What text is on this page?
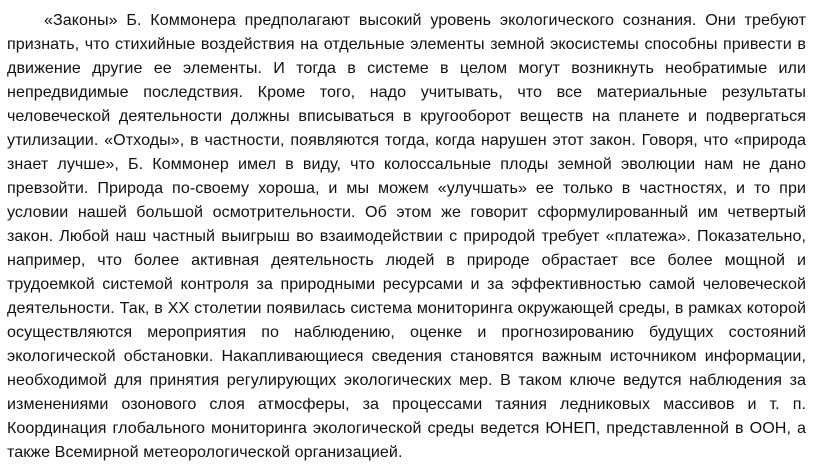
«Законы» Б. Коммонера предполагают высокий уровень экологического сознания. Они требуют признать, что стихийные воздействия на отдельные элементы земной экосистемы способны привести в движение другие ее элементы. И тогда в системе в целом могут возникнуть необратимые или непредвидимые последствия. Кроме того, надо учитывать, что все материальные результаты человеческой деятельности должны вписываться в кругооборот веществ на планете и подвергаться утилизации. «Отходы», в частности, появляются тогда, когда нарушен этот закон. Говоря, что «природа знает лучше», Б. Коммонер имел в виду, что колоссальные плоды земной эволюции нам не дано превзойти. Природа по-своему хороша, и мы можем «улучшать» ее только в частностях, и то при условии нашей большой осмотрительности. Об этом же говорит сформулированный им четвертый закон. Любой наш частный выигрыш во взаимодействии с природой требует «платежа». Показательно, например, что более активная деятельность людей в природе обрастает все более мощной и трудоемкой системой контроля за природными ресурсами и за эффективностью самой человеческой деятельности. Так, в XX столетии появилась система мониторинга окружающей среды, в рамках которой осуществляются мероприятия по наблюдению, оценке и прогнозированию будущих состояний экологической обстановки. Накапливающиеся сведения становятся важным источником информации, необходимой для принятия регулирующих экологических мер. В таком ключе ведутся наблюдения за изменениями озонового слоя атмосферы, за процессами таяния ледниковых массивов и т. п. Координация глобального мониторинга экологической среды ведется ЮНЕП, представленной в ООН, а также Всемирной метеорологической организацией.
